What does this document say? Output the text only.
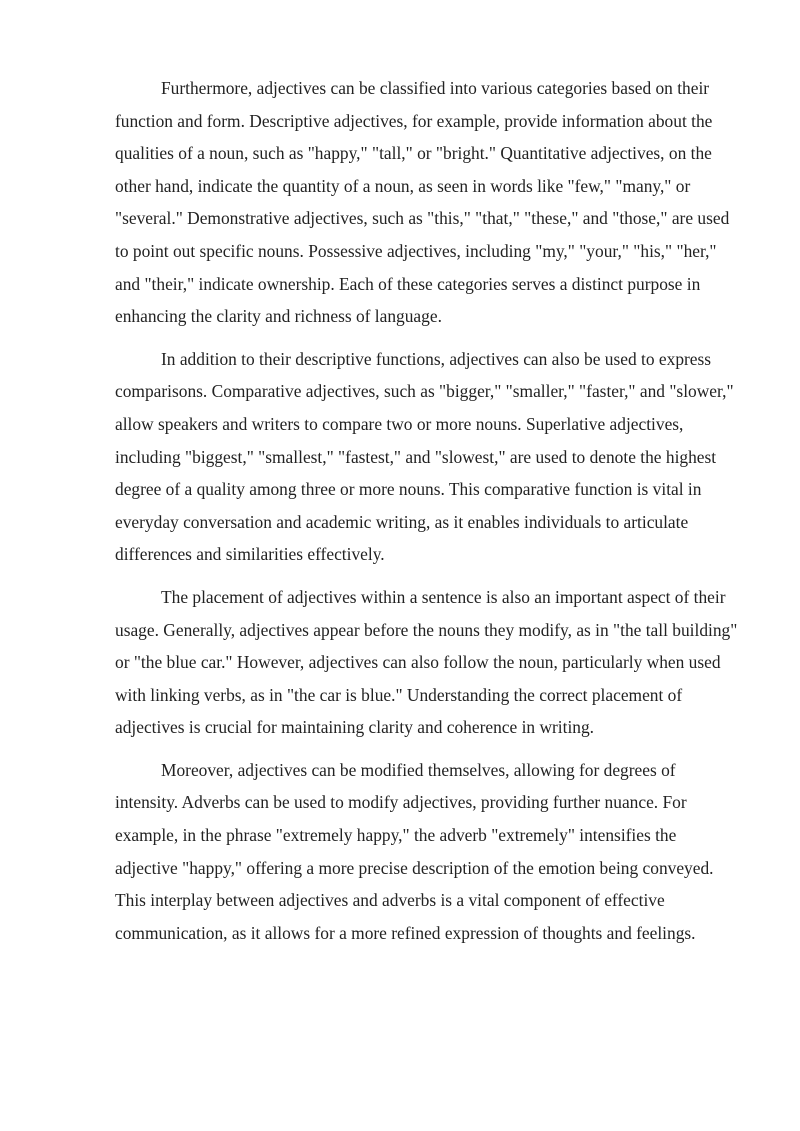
Furthermore, adjectives can be classified into various categories based on their function and form. Descriptive adjectives, for example, provide information about the qualities of a noun, such as "happy," "tall," or "bright." Quantitative adjectives, on the other hand, indicate the quantity of a noun, as seen in words like "few," "many," or "several." Demonstrative adjectives, such as "this," "that," "these," and "those," are used to point out specific nouns. Possessive adjectives, including "my," "your," "his," "her," and "their," indicate ownership. Each of these categories serves a distinct purpose in enhancing the clarity and richness of language.

In addition to their descriptive functions, adjectives can also be used to express comparisons. Comparative adjectives, such as "bigger," "smaller," "faster," and "slower," allow speakers and writers to compare two or more nouns. Superlative adjectives, including "biggest," "smallest," "fastest," and "slowest," are used to denote the highest degree of a quality among three or more nouns. This comparative function is vital in everyday conversation and academic writing, as it enables individuals to articulate differences and similarities effectively.

The placement of adjectives within a sentence is also an important aspect of their usage. Generally, adjectives appear before the nouns they modify, as in "the tall building" or "the blue car." However, adjectives can also follow the noun, particularly when used with linking verbs, as in "the car is blue." Understanding the correct placement of adjectives is crucial for maintaining clarity and coherence in writing.

Moreover, adjectives can be modified themselves, allowing for degrees of intensity. Adverbs can be used to modify adjectives, providing further nuance. For example, in the phrase "extremely happy," the adverb "extremely" intensifies the adjective "happy," offering a more precise description of the emotion being conveyed. This interplay between adjectives and adverbs is a vital component of effective communication, as it allows for a more refined expression of thoughts and feelings.
